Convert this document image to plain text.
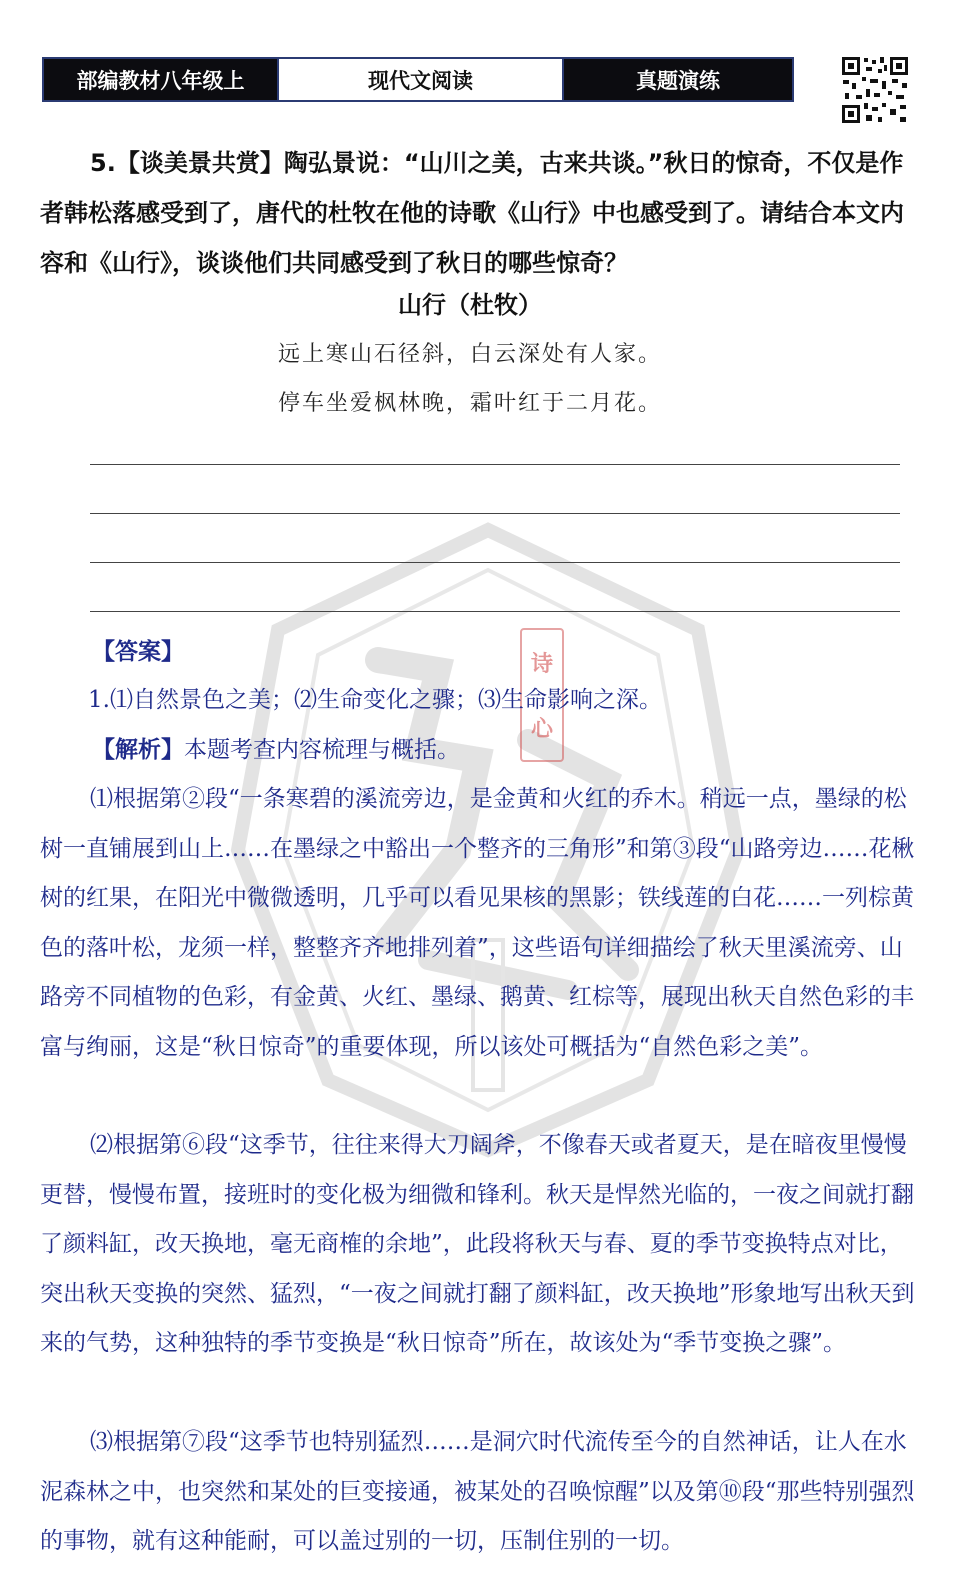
部编教材八年级上	现代文阅读	真题演练
诗
心

5.【谈美景共赏】陶弘景说：“山川之美，古来共谈。”秋日的惊奇，不仅是作者韩松落感受到了，唐代的杜牧在他的诗歌《山行》中也感受到了。请结合本文内容和《山行》，谈谈他们共同感受到了秋日的哪些惊奇？

山行（杜牧）
远上寒山石径斜，白云深处有人家。
停车坐爱枫林晚，霜叶红于二月花。
【答案】
1.⑴自然景色之美；⑵生命变化之骤；⑶生命影响之深。
【解析】本题考查内容梳理与概括。

⑴根据第②段“一条寒碧的溪流旁边，是金黄和火红的乔木。稍远一点，墨绿的松树一直铺展到山上……在墨绿之中豁出一个整齐的三角形”和第③段“山路旁边……花楸树的红果，在阳光中微微透明，几乎可以看见果核的黑影；铁线莲的白花……一列棕黄色的落叶松，龙须一样，整整齐齐地排列着”，这些语句详细描绘了秋天里溪流旁、山路旁不同植物的色彩，有金黄、火红、墨绿、鹅黄、红棕等，展现出秋天自然色彩的丰富与绚丽，这是“秋日惊奇”的重要体现，所以该处可概括为“自然色彩之美”。

⑵根据第⑥段“这季节，往往来得大刀阔斧，不像春天或者夏天，是在暗夜里慢慢更替，慢慢布置，接班时的变化极为细微和锋利。秋天是悍然光临的，一夜之间就打翻了颜料缸，改天换地，毫无商榷的余地”，此段将秋天与春、夏的季节变换特点对比，突出秋天变换的突然、猛烈，“一夜之间就打翻了颜料缸，改天换地”形象地写出秋天到来的气势，这种独特的季节变换是“秋日惊奇”所在，故该处为“季节变换之骤”。

⑶根据第⑦段“这季节也特别猛烈……是洞穴时代流传至今的自然神话，让人在水泥森林之中，也突然和某处的巨变接通，被某处的召唤惊醒”以及第⑩段“那些特别强烈的事物，就有这种能耐，可以盖过别的一切，压制住别的一切。
